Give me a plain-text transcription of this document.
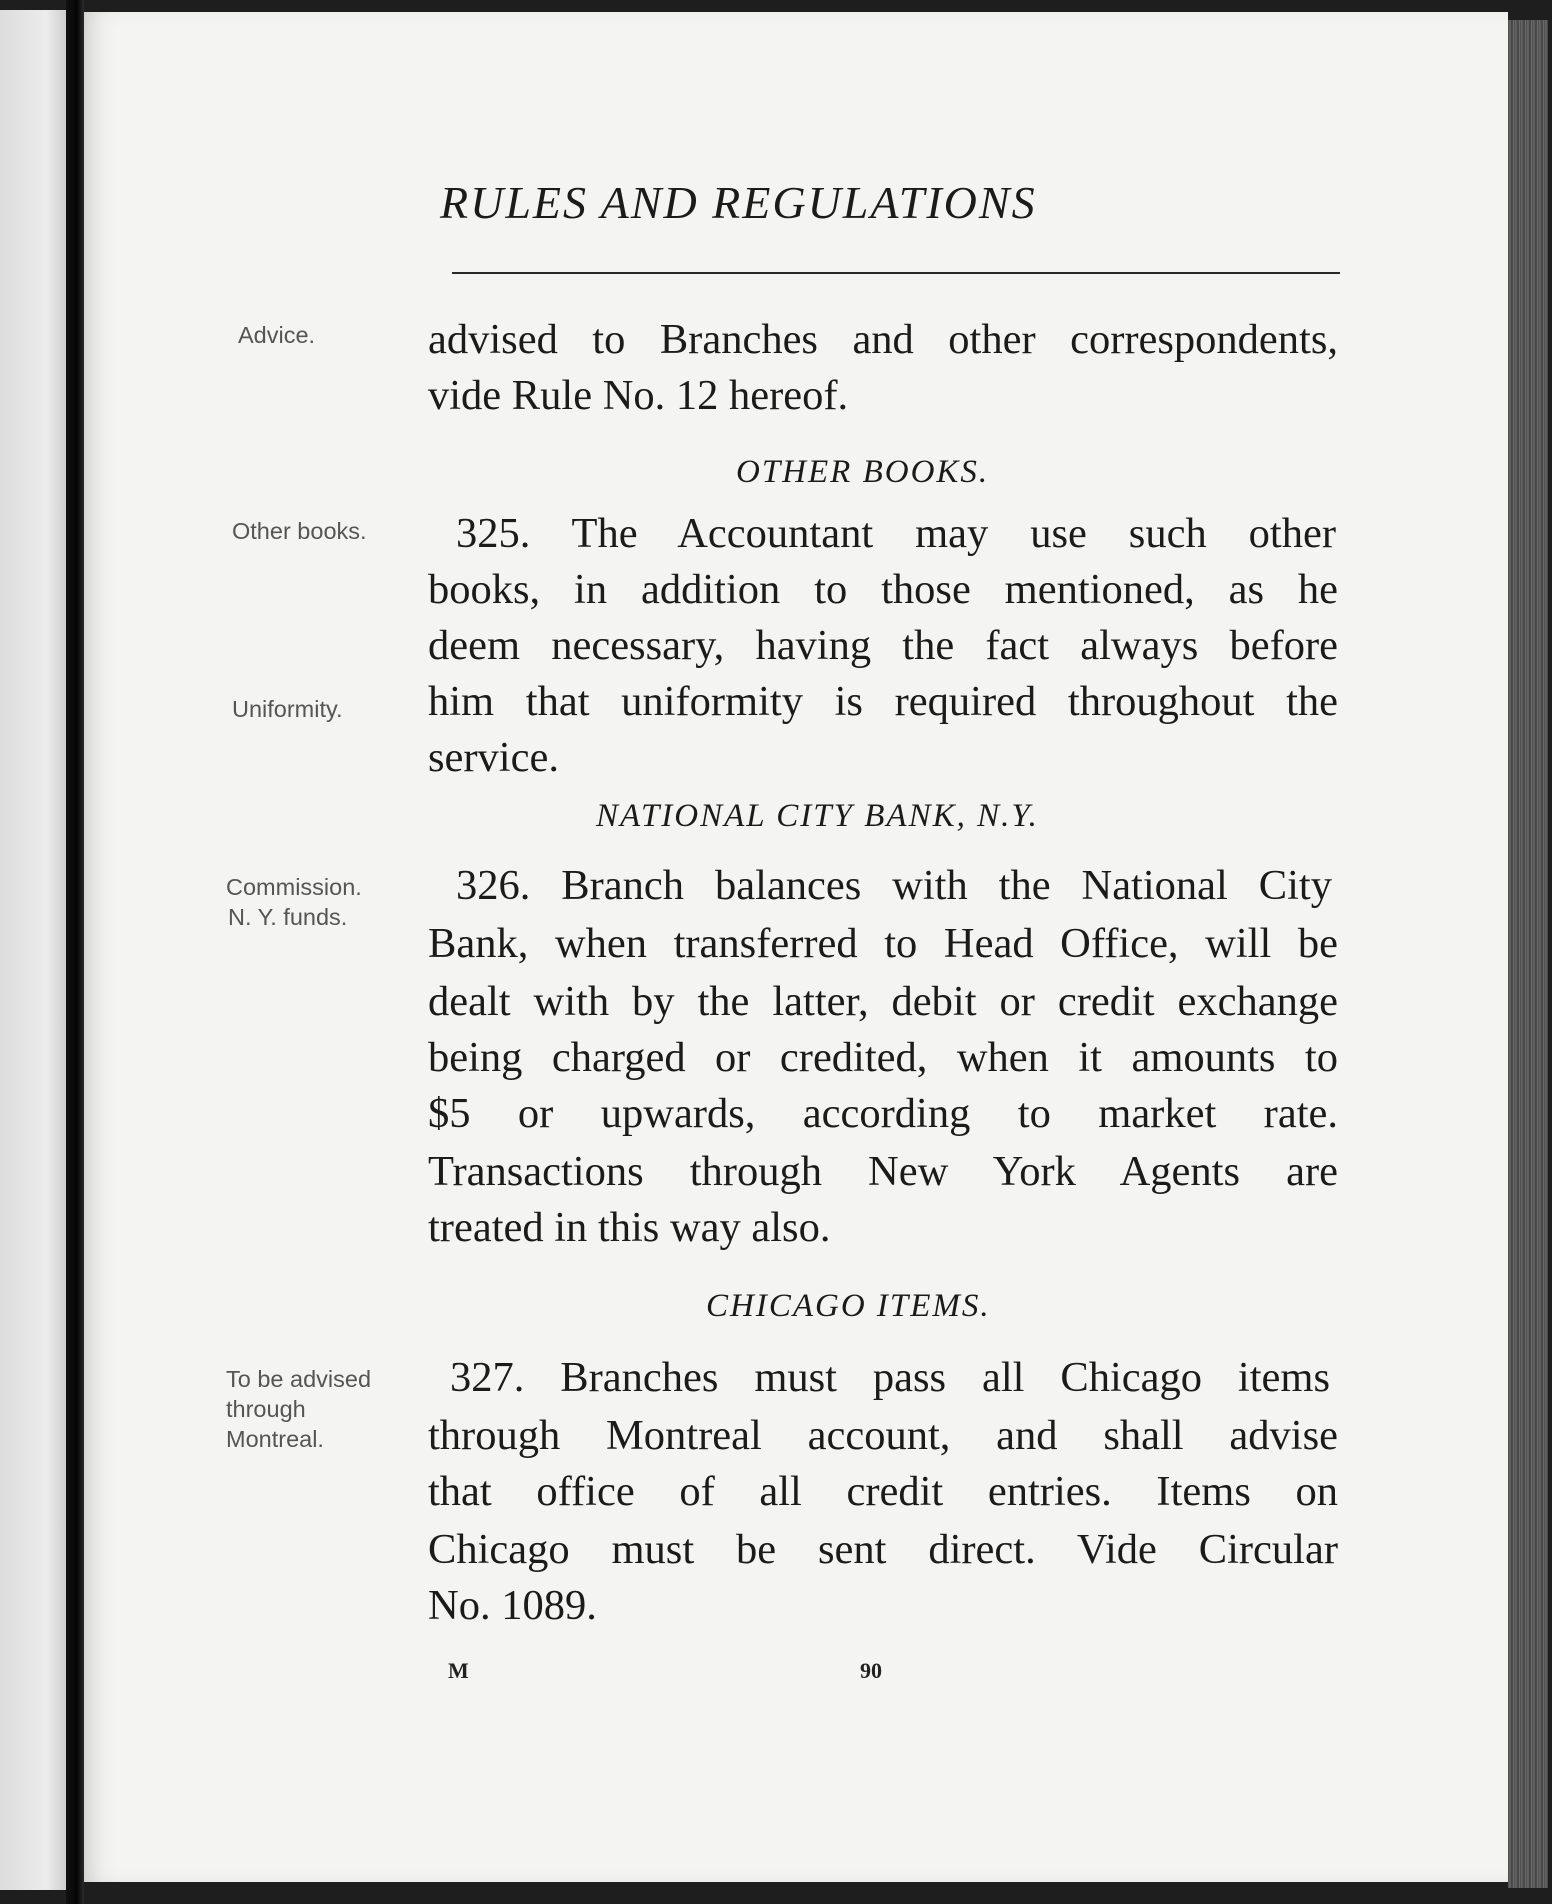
RULES AND REGULATIONS
Advice.	advised to Branches and other correspondents,
vide Rule No. 12 hereof.
OTHER BOOKS.
Other books. 325. The Accountant may use such other
books, in addition to those mentioned, as he
deem necessary, having the fact always before
Uniformity. him that uniformity is required throughout the
service.
NATIONAL CITY BANK, N.Y.
Commission.
N. Y. funds.
326. Branch balances with the National City
Bank, when transferred to Head Office, will be
dealt with by the latter, debit or credit exchange
being charged or credited, when it amounts to
$5 or upwards, according to market rate.
Transactions through New York Agents are
treated in this way also.
CHICAGO ITEMS.
To be advised
through
Montreal.
327. Branches must pass all Chicago items
through Montreal account, and shall advise
that office of all credit entries. Items on
Chicago must be sent direct. Vide Circular
No. 1089.
M	90
